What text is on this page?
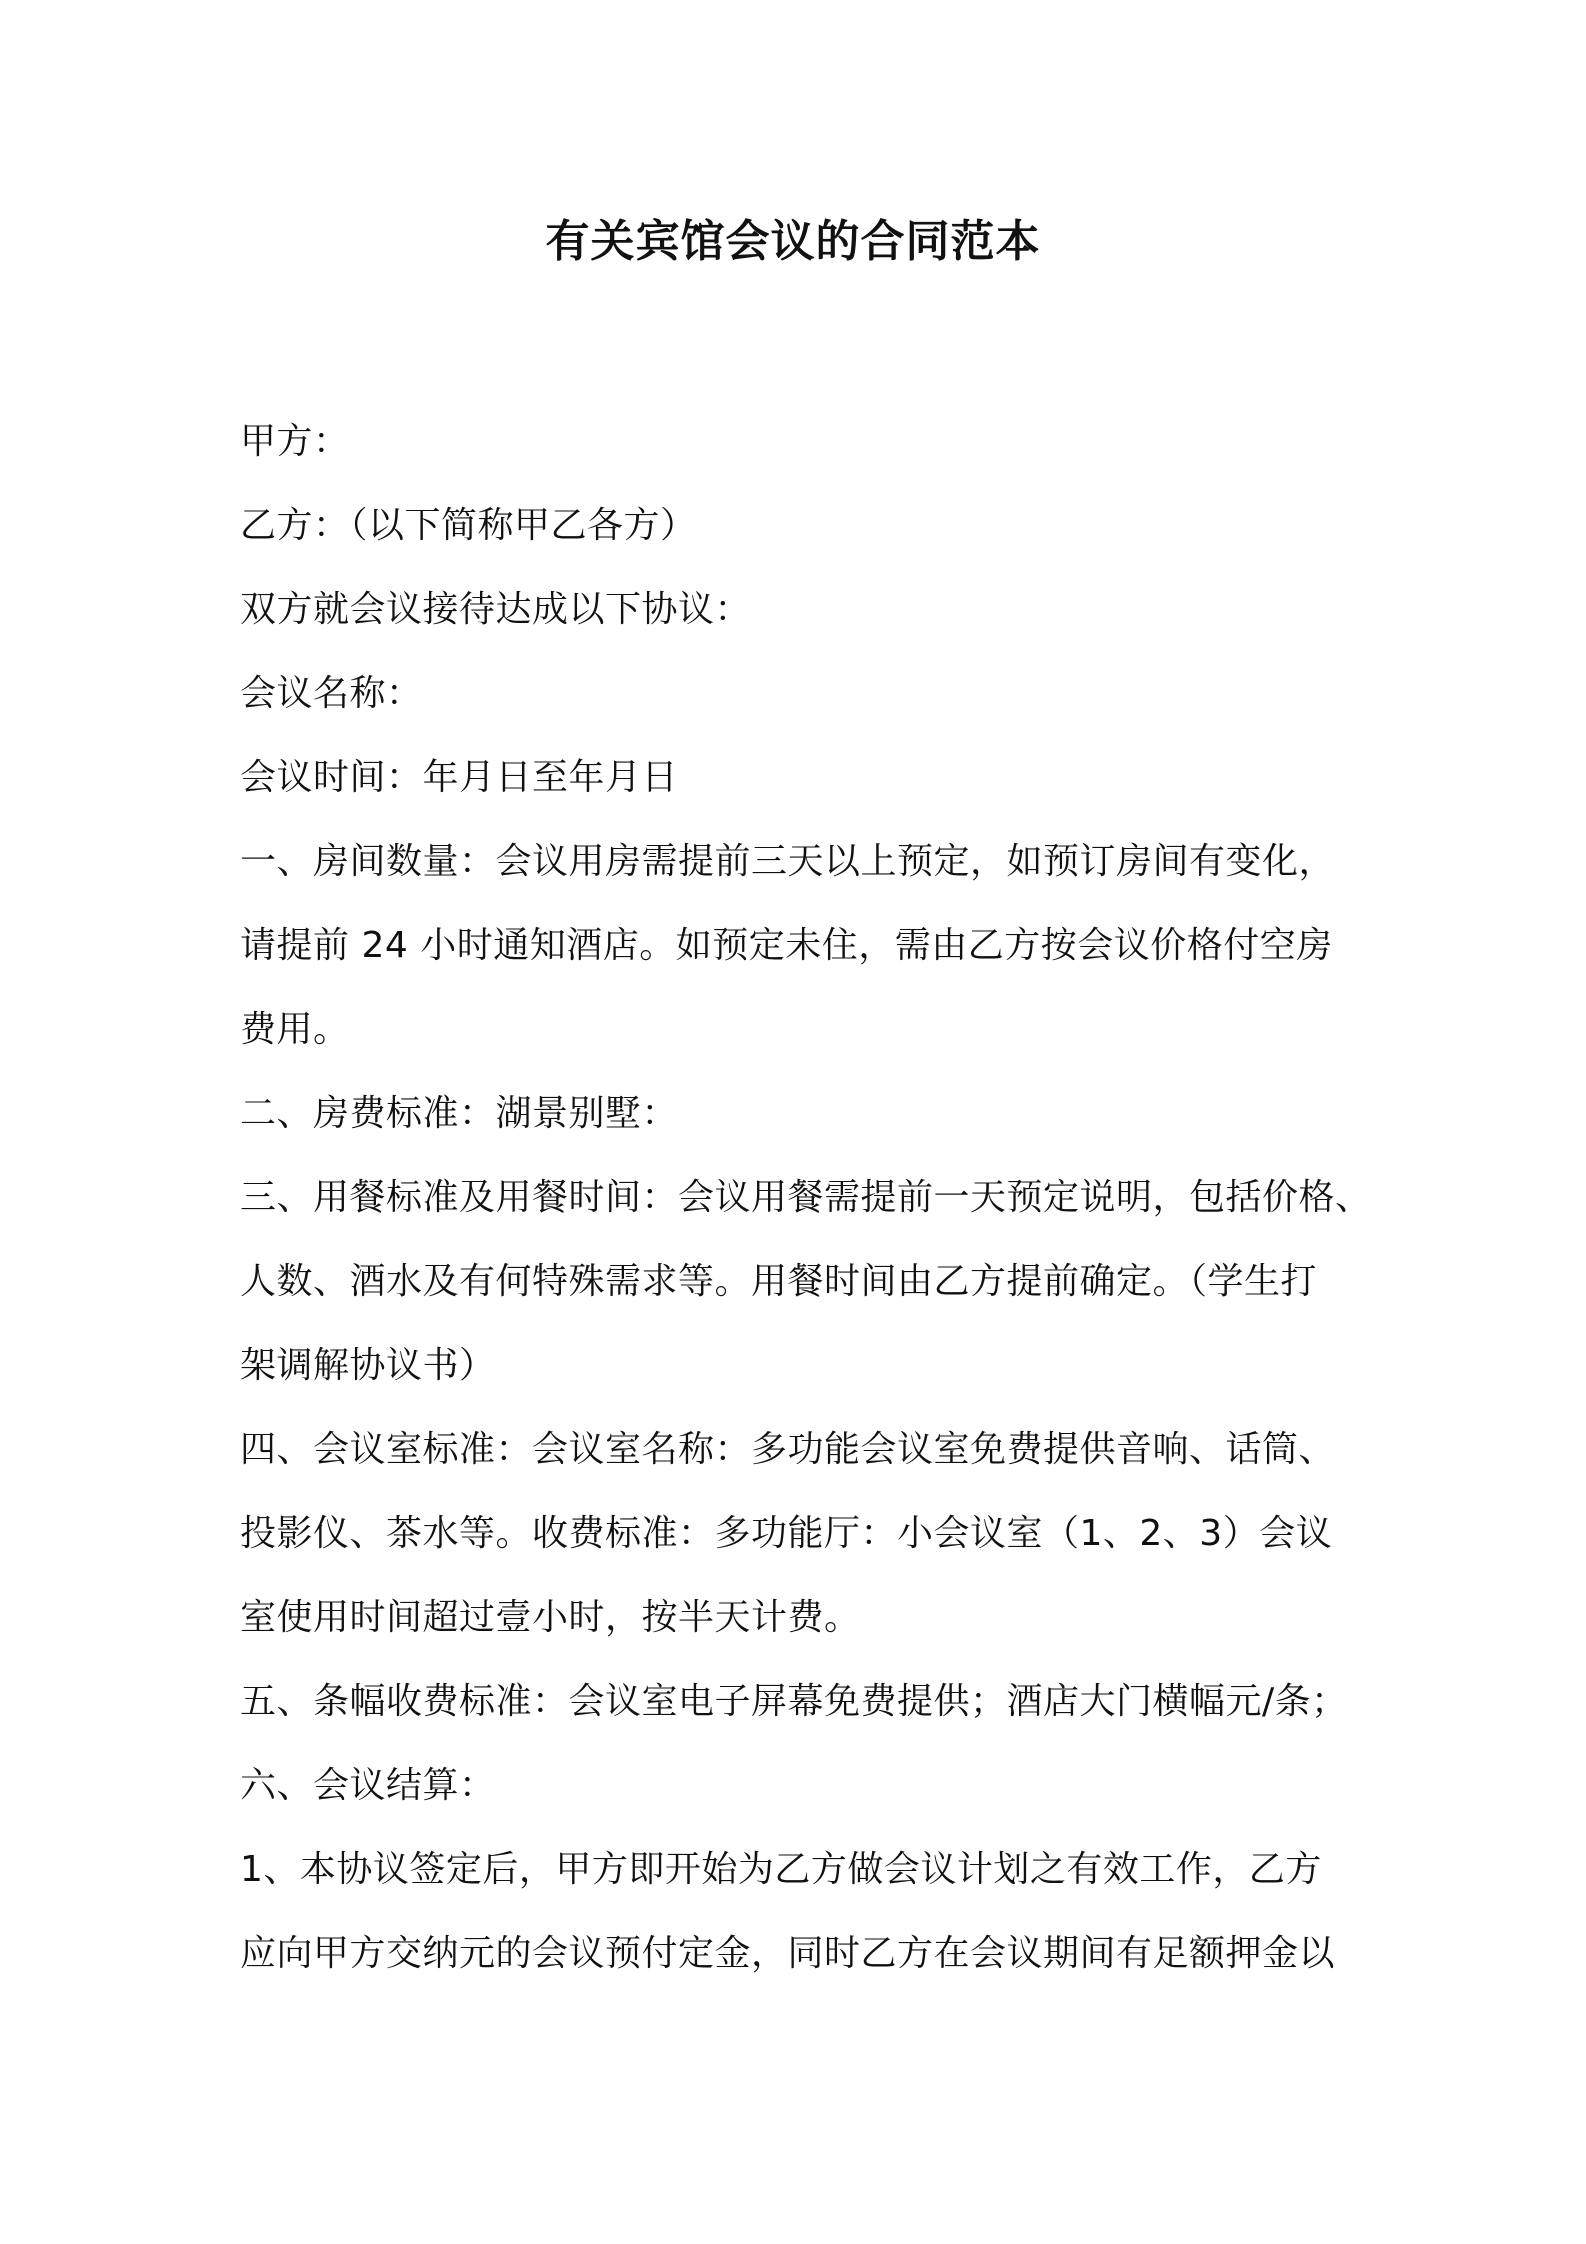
有关宾馆会议的合同范本
甲方：
乙方：（以下简称甲乙各方）
双方就会议接待达成以下协议：
会议名称：
会议时间：年月日至年月日
一、房间数量：会议用房需提前三天以上预定，如预订房间有变化，
请提前 24 小时通知酒店。如预定未住，需由乙方按会议价格付空房
费用。
二、房费标准：湖景别墅：
三、用餐标准及用餐时间：会议用餐需提前一天预定说明，包括价格、
人数、酒水及有何特殊需求等。用餐时间由乙方提前确定。（学生打
架调解协议书）
四、会议室标准：会议室名称：多功能会议室免费提供音响、话筒、
投影仪、茶水等。收费标准：多功能厅：小会议室（1、2、3）会议
室使用时间超过壹小时，按半天计费。
五、条幅收费标准：会议室电子屏幕免费提供；酒店大门横幅元/条；
六、会议结算：
1、本协议签定后，甲方即开始为乙方做会议计划之有效工作，乙方
应向甲方交纳元的会议预付定金，同时乙方在会议期间有足额押金以
